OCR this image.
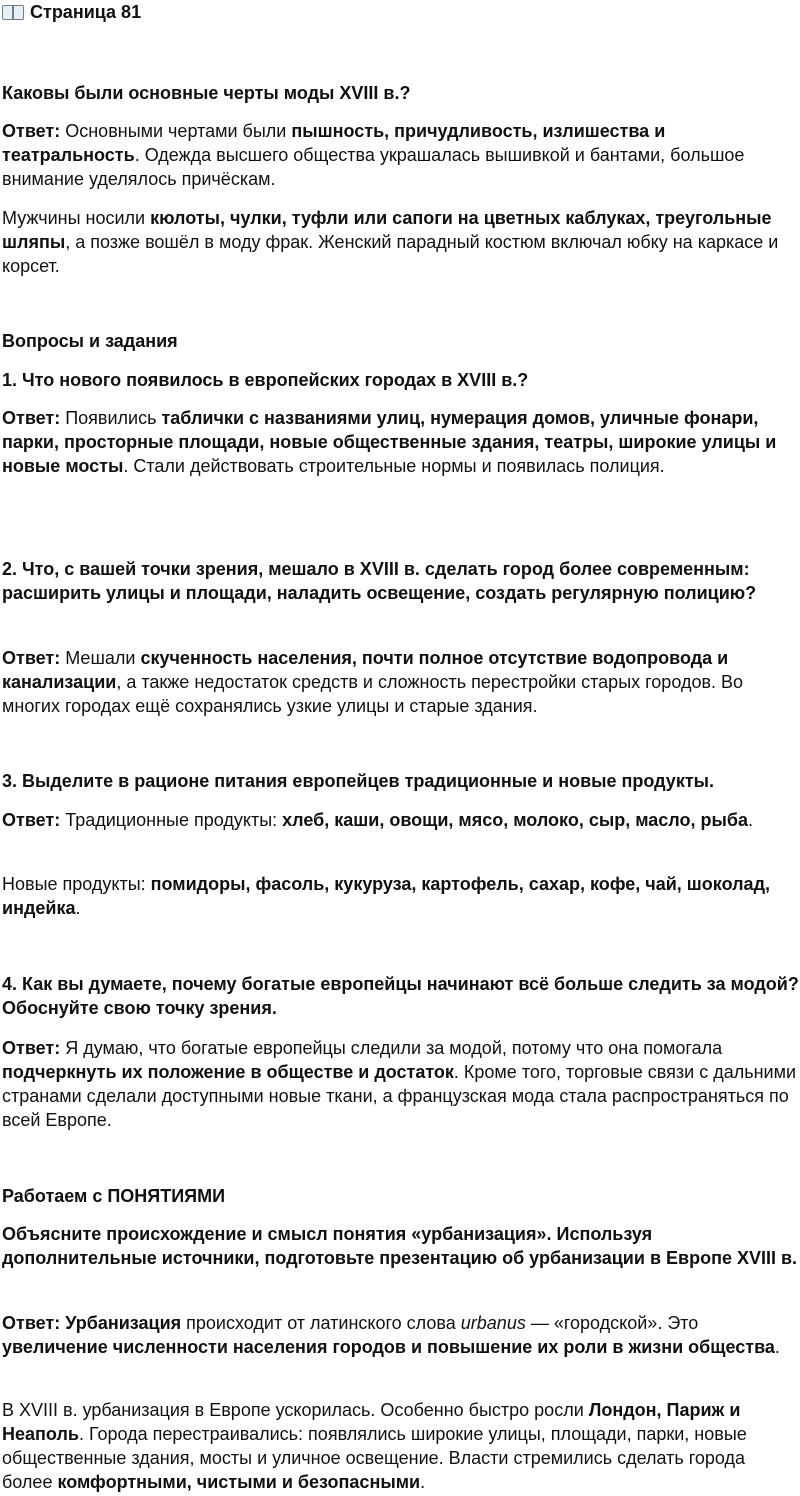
Страница 81

Каковы были основные черты моды XVIII в.?

Ответ: Основными чертами были пышность, причудливость, излишества и театральность. Одежда высшего общества украшалась вышивкой и бантами, большое внимание уделялось причёскам.

Мужчины носили кюлоты, чулки, туфли или сапоги на цветных каблуках, треугольные шляпы, а позже вошёл в моду фрак. Женский парадный костюм включал юбку на каркасе и корсет.

Вопросы и задания

1. Что нового появилось в европейских городах в XVIII в.?

Ответ: Появились таблички с названиями улиц, нумерация домов, уличные фонари, парки, просторные площади, новые общественные здания, театры, широкие улицы и новые мосты. Стали действовать строительные нормы и появилась полиция.

2. Что, с вашей точки зрения, мешало в XVIII в. сделать город более современным: расширить улицы и площади, наладить освещение, создать регулярную полицию?

Ответ: Мешали скученность населения, почти полное отсутствие водопровода и канализации, а также недостаток средств и сложность перестройки старых городов. Во многих городах ещё сохранялись узкие улицы и старые здания.

3. Выделите в рационе питания европейцев традиционные и новые продукты.

Ответ: Традиционные продукты: хлеб, каши, овощи, мясо, молоко, сыр, масло, рыба.

Новые продукты: помидоры, фасоль, кукуруза, картофель, сахар, кофе, чай, шоколад, индейка.

4. Как вы думаете, почему богатые европейцы начинают всё больше следить за модой? Обоснуйте свою точку зрения.

Ответ: Я думаю, что богатые европейцы следили за модой, потому что она помогала подчеркнуть их положение в обществе и достаток. Кроме того, торговые связи с дальними странами сделали доступными новые ткани, а французская мода стала распространяться по всей Европе.

Работаем с ПОНЯТИЯМИ

Объясните происхождение и смысл понятия «урбанизация». Используя дополнительные источники, подготовьте презентацию об урбанизации в Европе XVIII в.

Ответ: Урбанизация происходит от латинского слова urbanus — «городской». Это увеличение численности населения городов и повышение их роли в жизни общества.

В XVIII в. урбанизация в Европе ускорилась. Особенно быстро росли Лондон, Париж и Неаполь. Города перестраивались: появлялись широкие улицы, площади, парки, новые общественные здания, мосты и уличное освещение. Власти стремились сделать города более комфортными, чистыми и безопасными.
